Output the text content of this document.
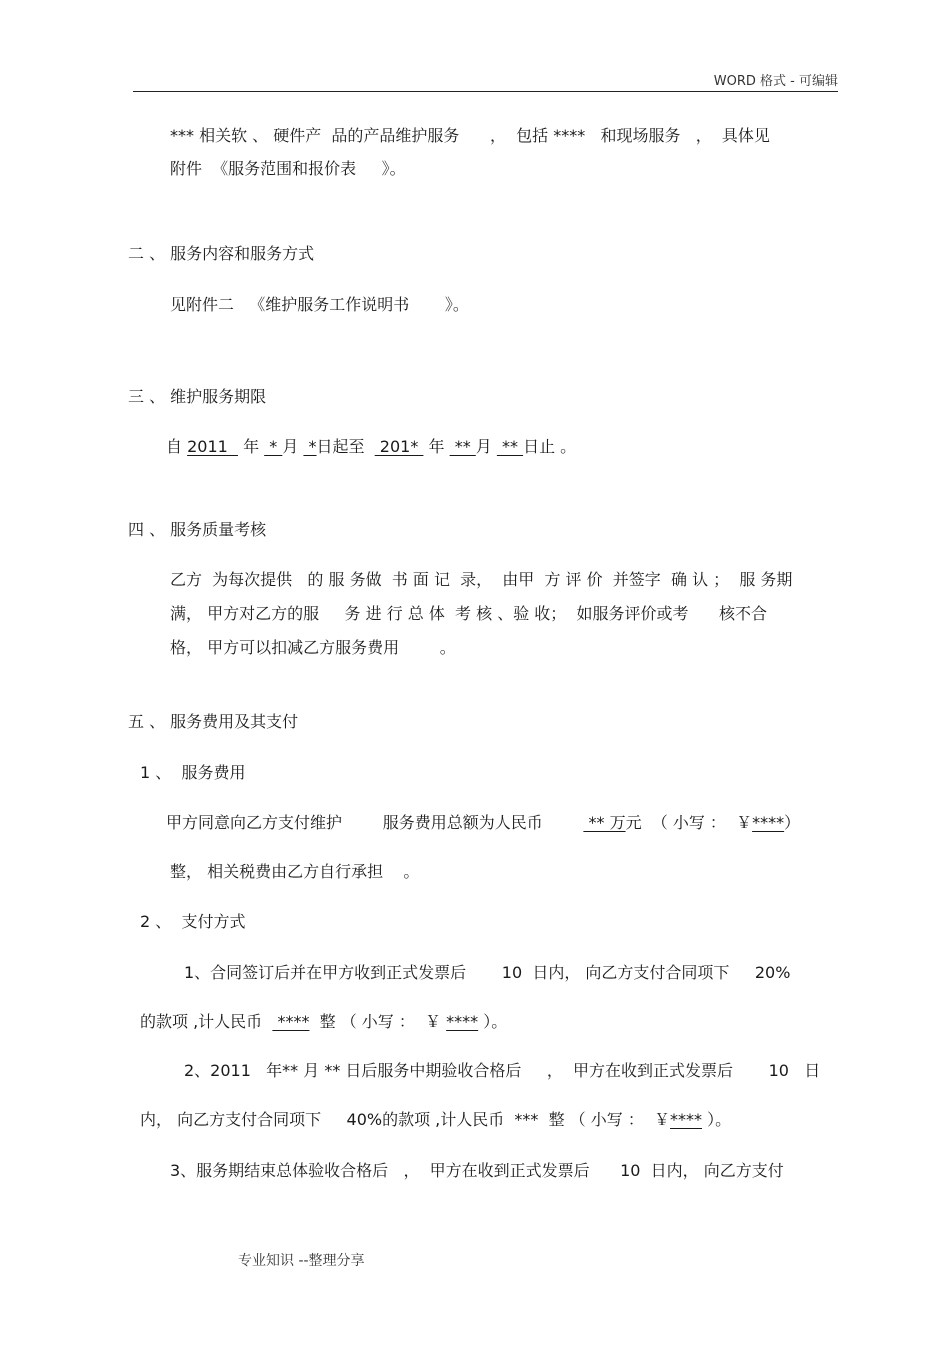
WORD 格式 - 可编辑
*** 相关软 、 硬件产  品的产品维护服务      ，  包括 ****   和现场服务   ，  具体见
附件  《服务范围和报价表     》。
二 、 服务内容和服务方式
见附件二   《维护服务工作说明书       》。
三 、 维护服务期限
自 2011   年  * 月  *日起至   201*  年  ** 月  ** 日止 。
四 、 服务质量考核
乙方  为每次提供   的 服 务做  书 面 记  录，  由甲  方 评 价  并签字  确 认 ；  服 务期
满， 甲方对乙方的服     务 进 行 总 体  考 核 、验 收；  如服务评价或考      核不合
格， 甲方可以扣减乙方服务费用        。
五 、 服务费用及其支付
1 、  服务费用
甲方同意向乙方支付维护        服务费用总额为人民币         ** 万元  （ 小写 ：  ￥****）
整， 相关税费由乙方自行承担    。
2 、  支付方式
1、合同签订后并在甲方收到正式发票后       10  日内， 向乙方支付合同项下     20%
的款项 ,计人民币   ****  整 （ 小写 ：  ￥ **** ）。
2、2011   年** 月 ** 日后服务中期验收合格后     ，  甲方在收到正式发票后       10   日
内， 向乙方支付合同项下     40%的款项 ,计人民币  ***  整 （ 小写 ：  ￥**** ）。
3、服务期结束总体验收合格后   ，  甲方在收到正式发票后      10  日内， 向乙方支付
专业知识 --整理分享
